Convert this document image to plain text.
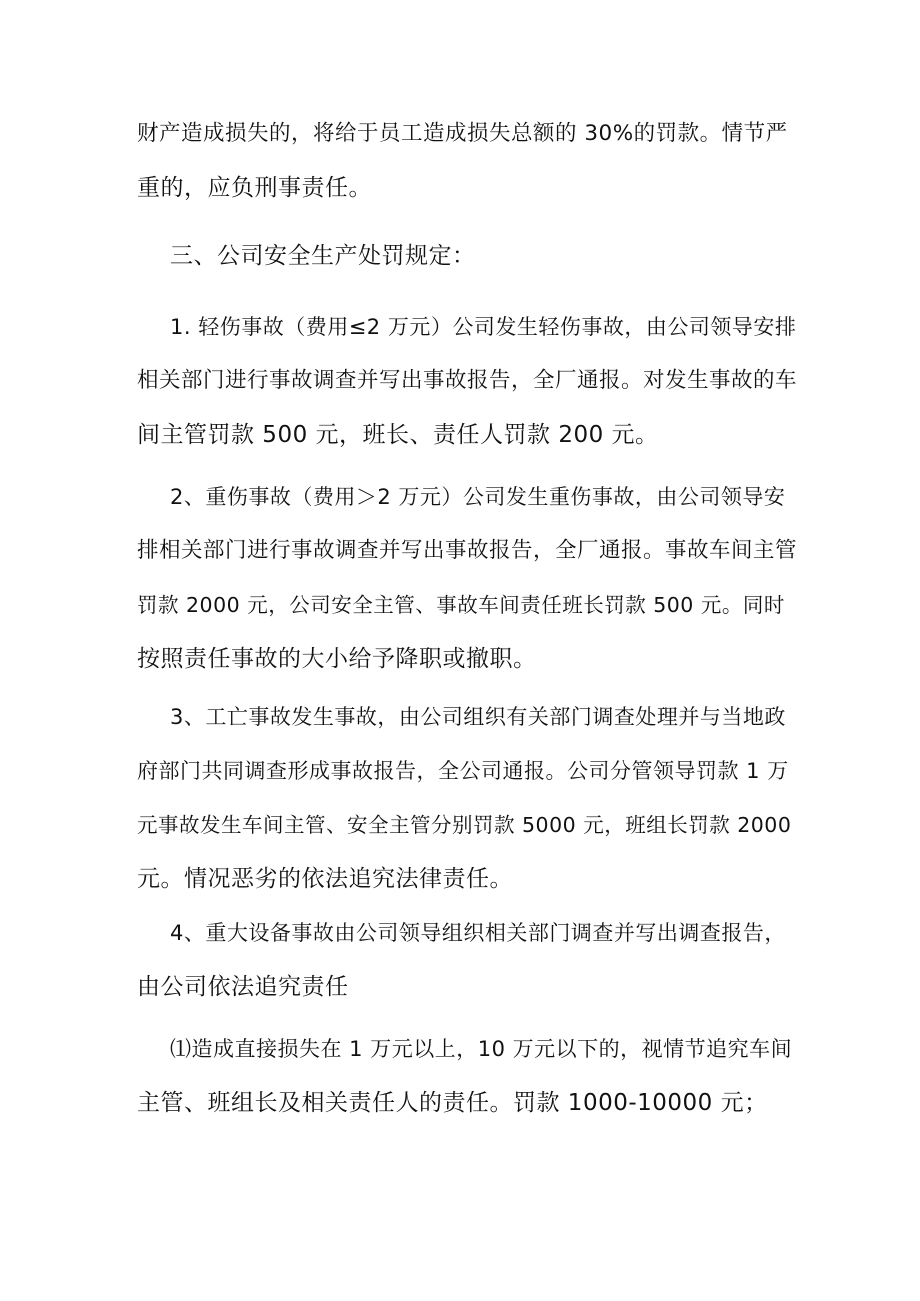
财产造成损失的，将给于员工造成损失总额的 30%的罚款。情节严
重的，应负刑事责任。

三、公司安全生产处罚规定：

1. 轻伤事故（费用≤2 万元）公司发生轻伤事故，由公司领导安排
相关部门进行事故调查并写出事故报告，全厂通报。对发生事故的车
间主管罚款 500 元，班长、责任人罚款 200 元。

2、重伤事故（费用＞2 万元）公司发生重伤事故，由公司领导安
排相关部门进行事故调查并写出事故报告，全厂通报。事故车间主管
罚款 2000 元，公司安全主管、事故车间责任班长罚款 500 元。同时
按照责任事故的大小给予降职或撤职。

3、工亡事故发生事故，由公司组织有关部门调查处理并与当地政
府部门共同调查形成事故报告，全公司通报。公司分管领导罚款 1 万
元事故发生车间主管、安全主管分别罚款 5000 元，班组长罚款 2000
元。情况恶劣的依法追究法律责任。

4、重大设备事故由公司领导组织相关部门调查并写出调查报告，
由公司依法追究责任

⑴造成直接损失在 1 万元以上，10 万元以下的，视情节追究车间
主管、班组长及相关责任人的责任。罚款 1000-10000 元；
